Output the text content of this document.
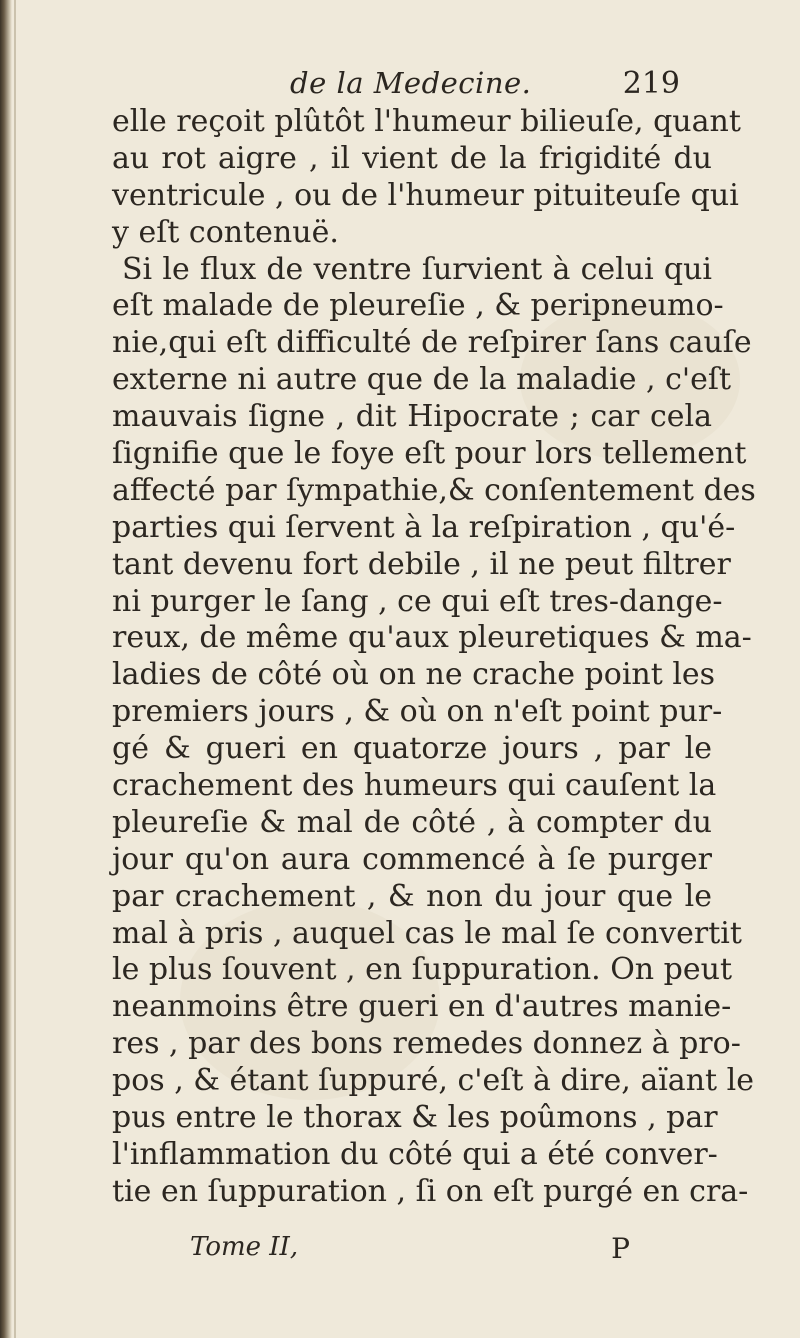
de la Medecine.	219
elle reçoit plûtôt l'humeur bilieuſe, quant
au rot aigre , il vient de la frigidité du
ventricule , ou de l'humeur pituiteuſe qui
y eſt contenuë.
Si le flux de ventre ſurvient à celui qui
eſt malade de pleureſie , & peripneumo-
nie,qui eſt difficulté de reſpirer ſans cauſe
externe ni autre que de la maladie , c'eſt
mauvais ſigne , dit Hipocrate ; car cela
ſignifie que le foye eſt pour lors tellement
affecté par ſympathie,& conſentement des
parties qui ſervent à la reſpiration , qu'é-
tant devenu fort debile , il ne peut filtrer
ni purger le ſang , ce qui eſt tres-dange-
reux, de même qu'aux pleuretiques & ma-
ladies de côté où on ne crache point les
premiers jours , & où on n'eſt point pur-
gé & gueri en quatorze jours , par le
crachement des humeurs qui cauſent la
pleureſie & mal de côté , à compter du
jour qu'on aura commencé à ſe purger
par crachement , & non du jour que le
mal à pris , auquel cas le mal ſe convertit
le plus ſouvent , en ſuppuration. On peut
neanmoins être gueri en d'autres manie-
res , par des bons remedes donnez à pro-
pos , & étant ſuppuré, c'eſt à dire, aïant le
pus entre le thorax & les poûmons , par
l'inflammation du côté qui a été conver-
tie en ſuppuration , ſi on eſt purgé en cra-
Tome II,	P
